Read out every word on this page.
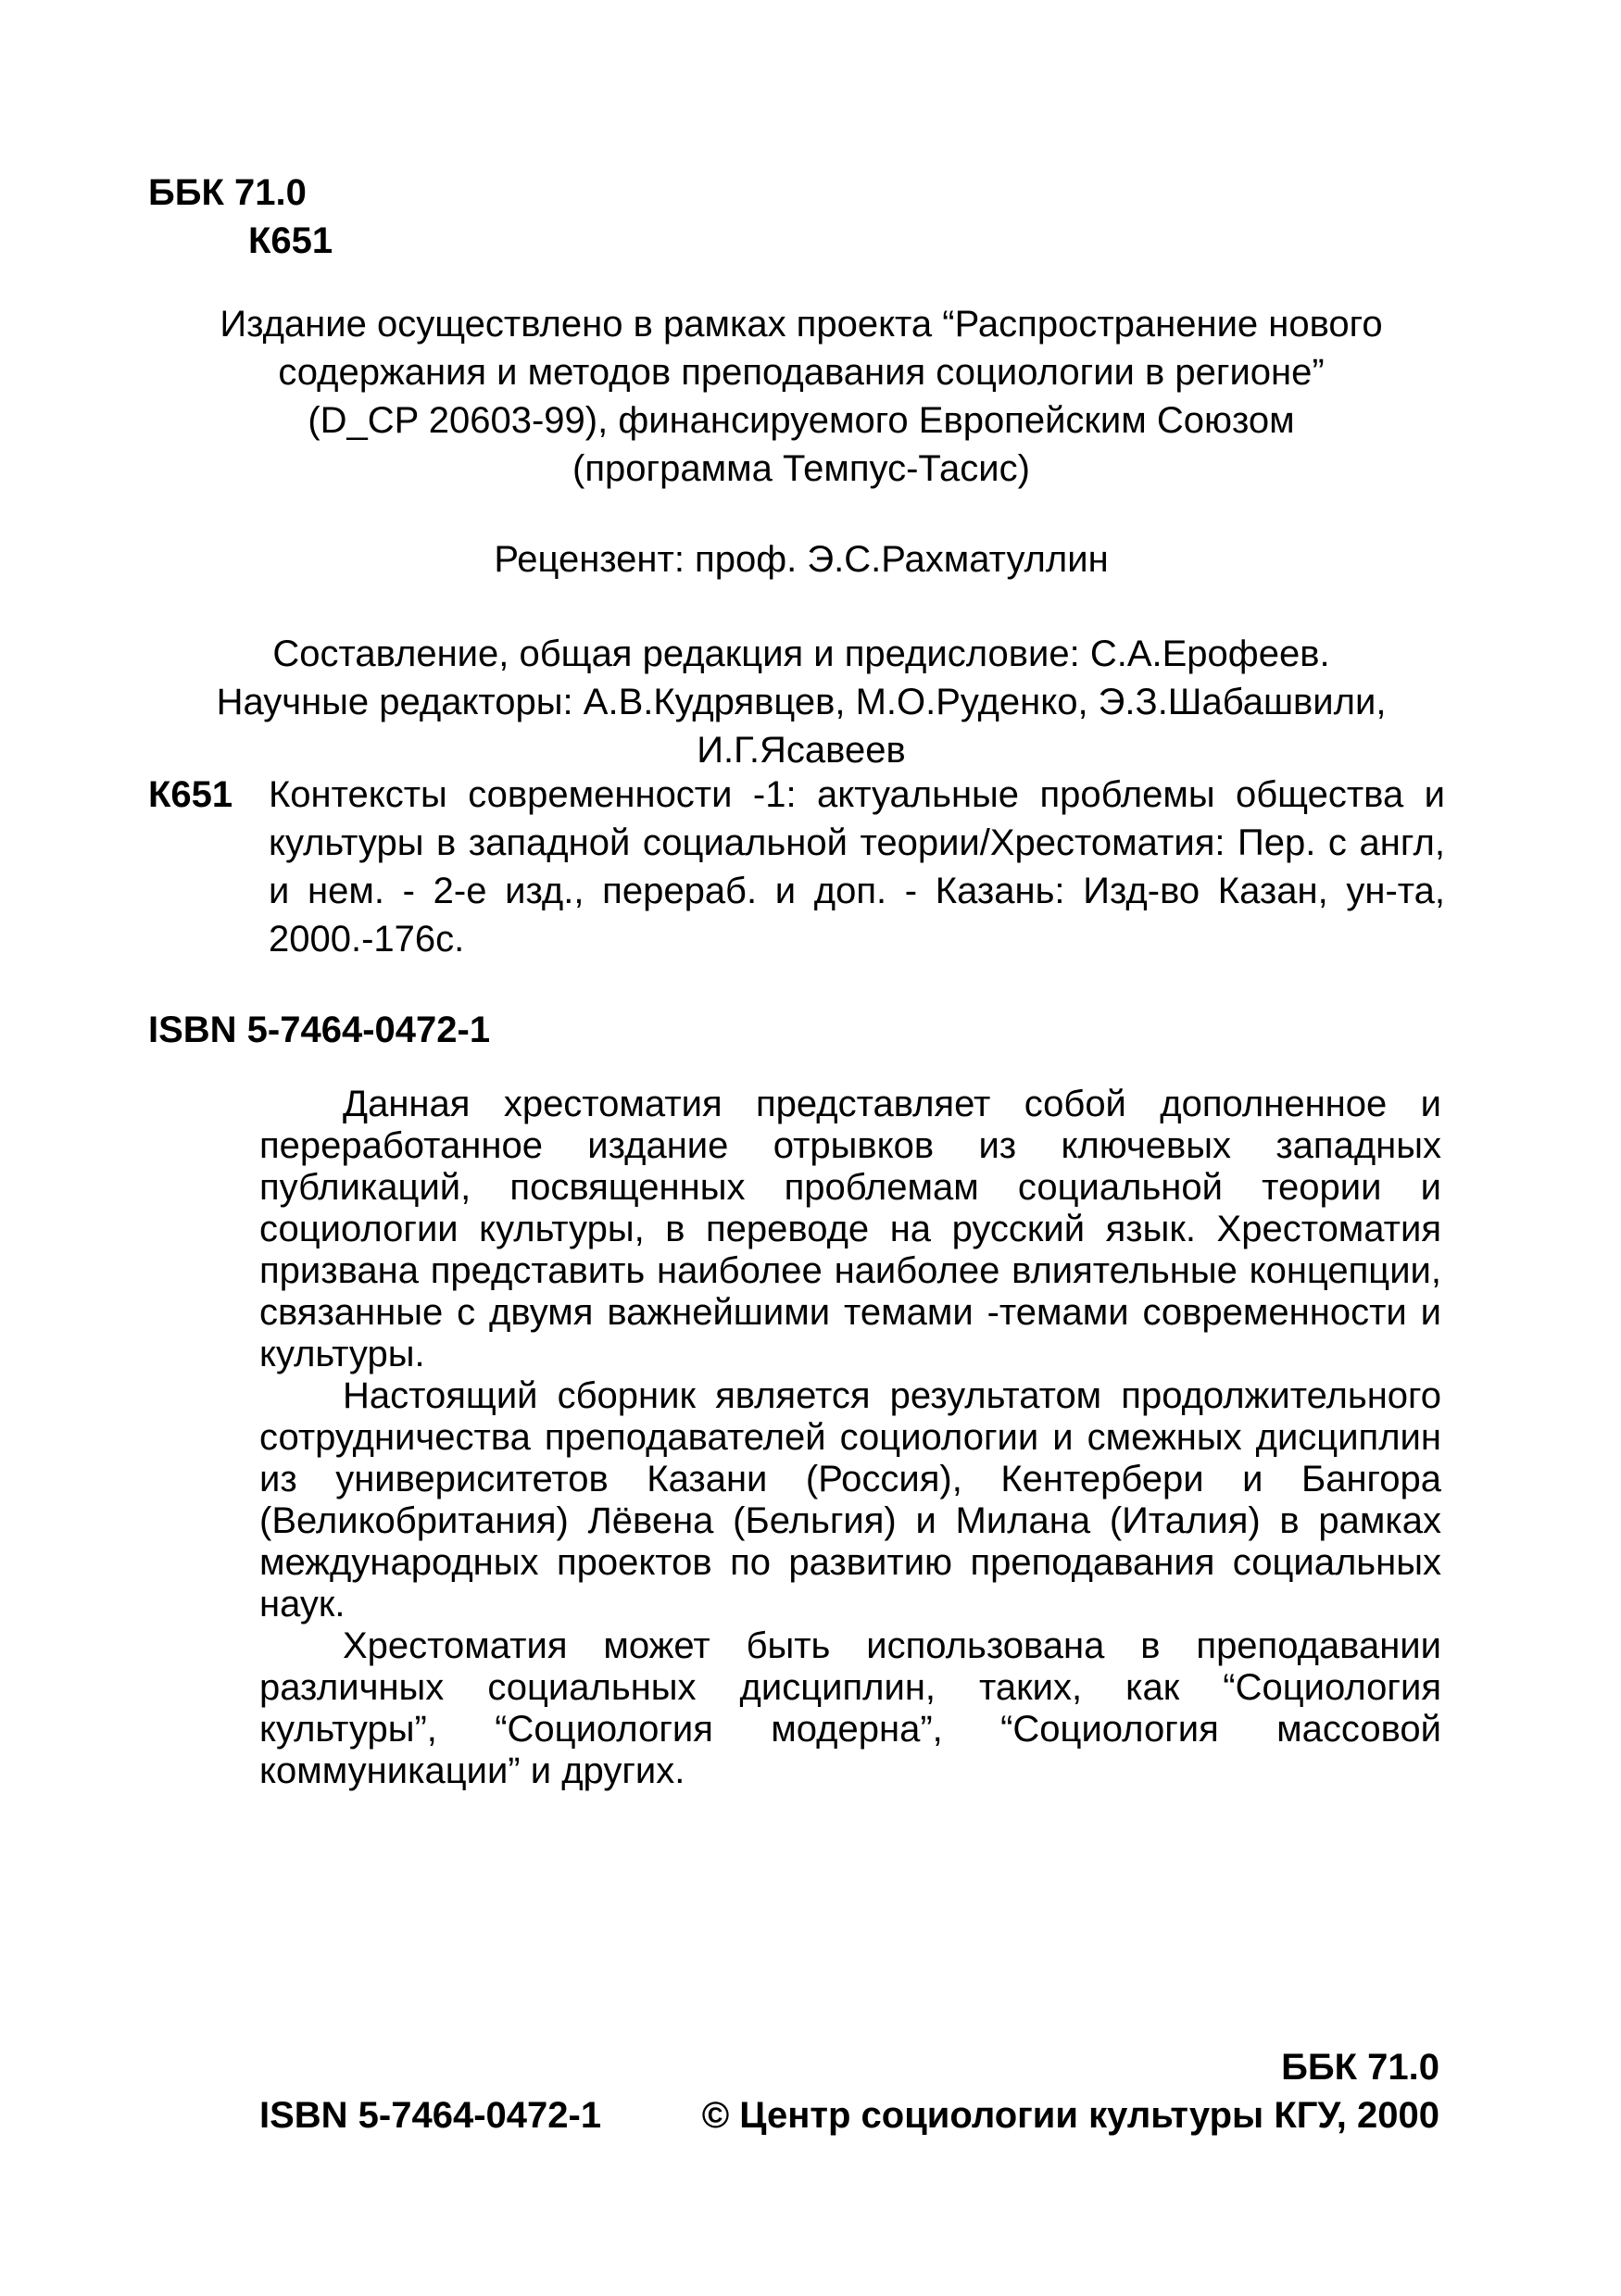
ББК 71.0
К651
Издание осуществлено в рамках проекта “Распространение нового
содержания и методов преподавания социологии в регионе”
(D_CP 20603-99), финансируемого Европейским Союзом
(программа Темпус-Тасис)
Рецензент: проф. Э.С.Рахматуллин
Составление, общая редакция и предисловие: С.А.Ерофеев.
Научные редакторы: А.В.Кудрявцев, М.О.Руденко, Э.З.Шабашвили,
И.Г.Ясавеев
К651 Контексты современности -1: актуальные проблемы общества и культуры в западной социальной теории/Хрестоматия: Пер. с англ, и нем. - 2-е изд., перераб. и доп. - Казань: Изд-во Казан, ун-та, 2000.-176с.
ISBN 5-7464-0472-1

Данная хрестоматия представляет собой дополненное и переработанное издание отрывков из ключевых западных публикаций, посвященных проблемам социальной теории и социологии культуры, в переводе на русский язык. Хрестоматия призвана представить наиболее наиболее влиятельные концепции, связанные с двумя важнейшими темами -темами современности и культуры.

Настоящий сборник является результатом продолжительного сотрудничества преподавателей социологии и смежных дисциплин из универиситетов Казани (Россия), Кентербери и Бангора (Великобритания) Лёвена (Бельгия) и Милана (Италия) в рамках международных проектов по развитию преподавания социальных наук.

Хрестоматия может быть использована в преподавании различных социальных дисциплин, таких, как “Социология культуры”, “Социология модерна”, “Социология массовой коммуникации” и других.

ББК 71.0
ISBN 5-7464-0472-1	© Центр социологии культуры КГУ, 2000
